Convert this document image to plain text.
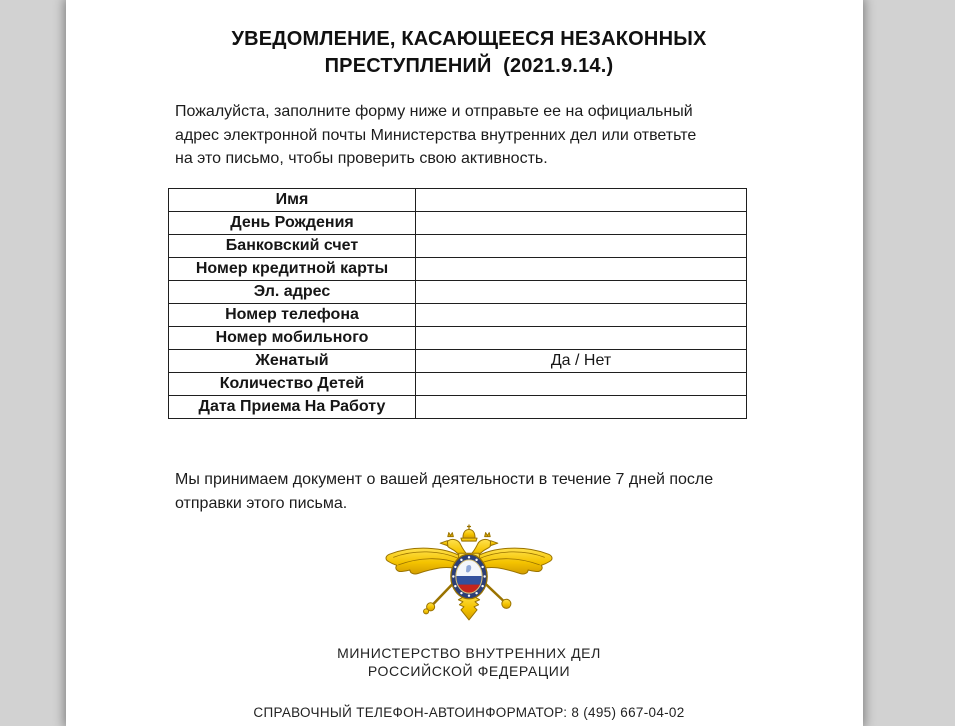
УВЕДОМЛЕНИЕ, КАСАЮЩЕЕСЯ НЕЗАКОННЫХ
ПРЕСТУПЛЕНИЙ  (2021.9.14.)
Пожалуйста, заполните форму ниже и отправьте ее на официальный
адрес электронной почты Министерства внутренних дел или ответьте
на это письмо, чтобы проверить свою активность.
Имя	
День Рождения	
Банковский счет	
Номер кредитной карты	
Эл. адрес	
Номер телефона	
Номер мобильного	
Женатый	Да / Нет
Количество Детей	
Дата Приема На Работу	
Мы принимаем документ о вашей деятельности в течение 7 дней после
отправки этого письма.
МИНИСТЕРСТВО ВНУТРЕННИХ ДЕЛ
РОССИЙСКОЙ ФЕДЕРАЦИИ
СПРАВОЧНЫЙ ТЕЛЕФОН-АВТОИНФОРМАТОР: 8 (495) 667-04-02
